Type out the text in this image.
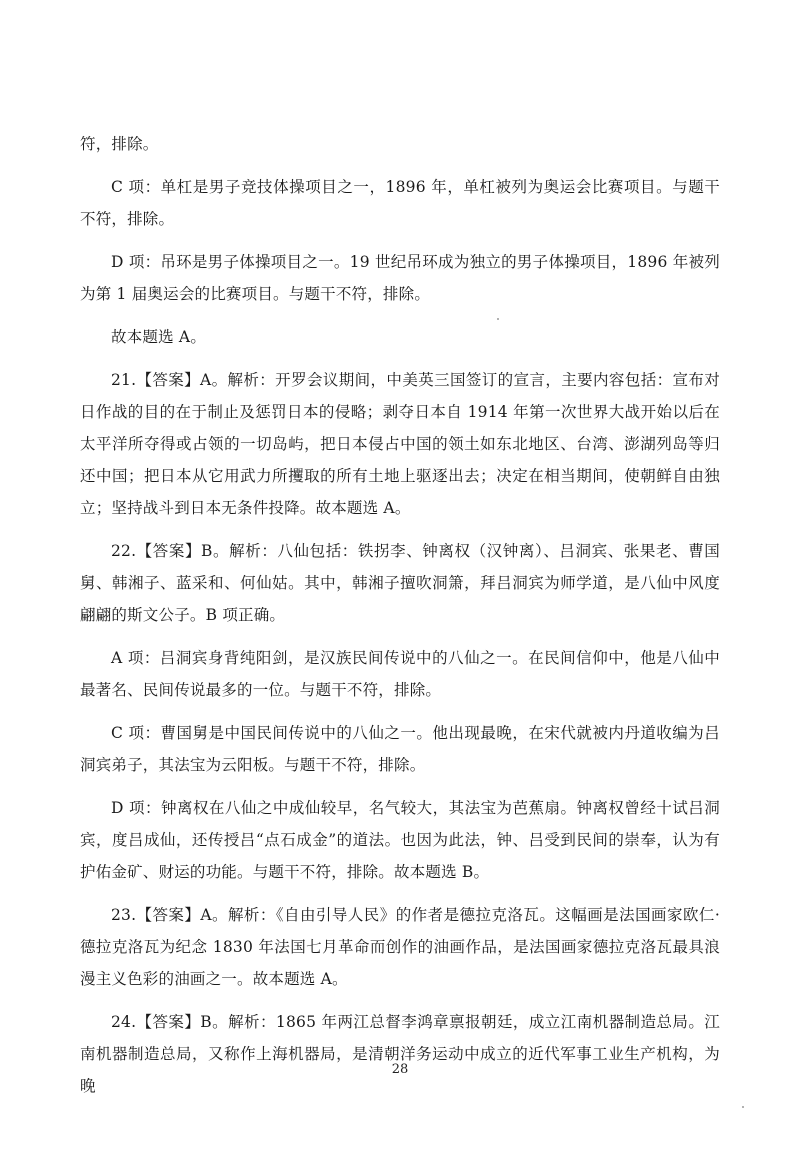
符，排除。

C 项：单杠是男子竞技体操项目之一，1896 年，单杠被列为奥运会比赛项目。与题干不符，排除。

D 项：吊环是男子体操项目之一。19 世纪吊环成为独立的男子体操项目，1896 年被列为第 1 届奥运会的比赛项目。与题干不符，排除。

故本题选 A。

21.【答案】A。解析：开罗会议期间，中美英三国签订的宣言，主要内容包括：宣布对日作战的目的在于制止及惩罚日本的侵略；剥夺日本自 1914 年第一次世界大战开始以后在太平洋所夺得或占领的一切岛屿，把日本侵占中国的领土如东北地区、台湾、澎湖列岛等归还中国；把日本从它用武力所攫取的所有土地上驱逐出去；决定在相当期间，使朝鲜自由独立；坚持战斗到日本无条件投降。故本题选 A。

22.【答案】B。解析：八仙包括：铁拐李、钟离权（汉钟离）、吕洞宾、张果老、曹国舅、韩湘子、蓝采和、何仙姑。其中，韩湘子擅吹洞箫，拜吕洞宾为师学道，是八仙中风度翩翩的斯文公子。B 项正确。

A 项：吕洞宾身背纯阳剑，是汉族民间传说中的八仙之一。在民间信仰中，他是八仙中最著名、民间传说最多的一位。与题干不符，排除。

C 项：曹国舅是中国民间传说中的八仙之一。他出现最晚，在宋代就被内丹道收编为吕洞宾弟子，其法宝为云阳板。与题干不符，排除。

D 项：钟离权在八仙之中成仙较早，名气较大，其法宝为芭蕉扇。钟离权曾经十试吕洞宾，度吕成仙，还传授吕“点石成金”的道法。也因为此法，钟、吕受到民间的崇奉，认为有护佑金矿、财运的功能。与题干不符，排除。故本题选 B。

23.【答案】A。解析：《自由引导人民》的作者是德拉克洛瓦。这幅画是法国画家欧仁·德拉克洛瓦为纪念 1830 年法国七月革命而创作的油画作品，是法国画家德拉克洛瓦最具浪漫主义色彩的油画之一。故本题选 A。

24.【答案】B。解析：1865 年两江总督李鸿章禀报朝廷，成立江南机器制造总局。江南机器制造总局，又称作上海机器局，是清朝洋务运动中成立的近代军事工业生产机构，为晚

28
